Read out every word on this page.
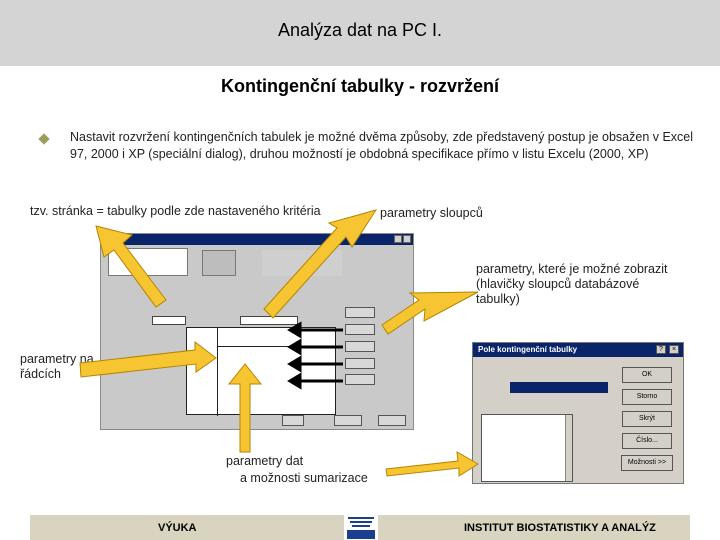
Analýza dat na PC I.
Kontingenční tabulky - rozvržení
Nastavit rozvržení kontingenčních tabulek je možné dvěma způsoby, zde představený postup je obsažen v Excel 97, 2000 i XP (speciální dialog), druhou možností je obdobná specifikace přímo v listu Excelu (2000, XP)
tzv. stránka = tabulky podle zde nastaveného kritéria	parametry sloupců
parametry, které je možné zobrazit (hlavičky sloupců databázové tabulky)
parametry na řádcích
parametry dat
a možnosti sumarizace
Pole kontingenční tabulky	?	×
OK
Storno
Skrýt
Číslo...
Možnosti >>
VÝUKA	INSTITUT BIOSTATISTIKY A ANALÝZ
